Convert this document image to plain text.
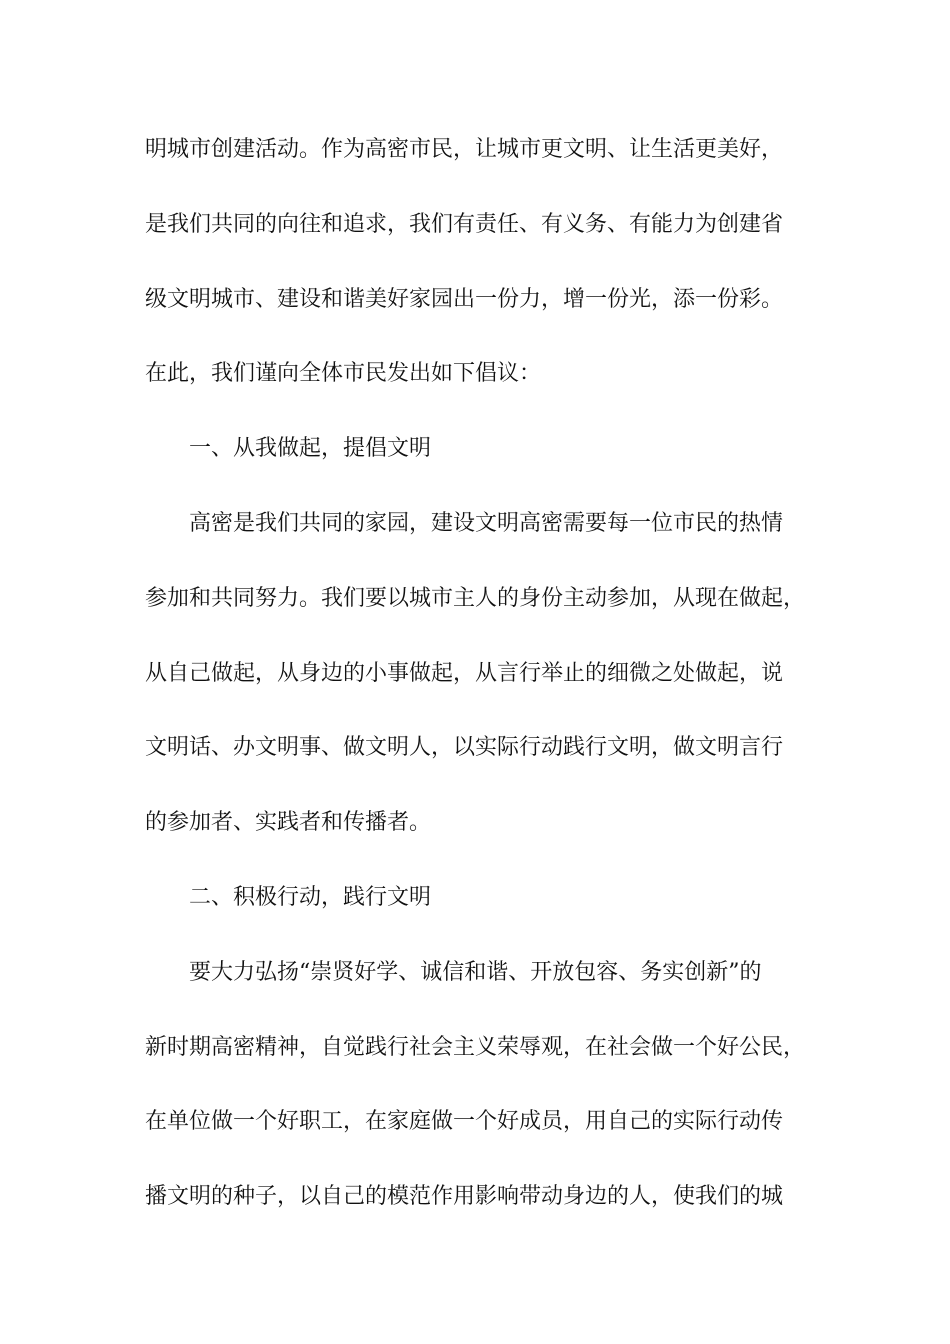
明城市创建活动。作为高密市民，让城市更文明、让生活更美好，
是我们共同的向往和追求，我们有责任、有义务、有能力为创建省
级文明城市、建设和谐美好家园出一份力，增一份光，添一份彩。
在此，我们谨向全体市民发出如下倡议：
一、从我做起，提倡文明
高密是我们共同的家园，建设文明高密需要每一位市民的热情
参加和共同努力。我们要以城市主人的身份主动参加，从现在做起，
从自己做起，从身边的小事做起，从言行举止的细微之处做起，说
文明话、办文明事、做文明人，以实际行动践行文明，做文明言行
的参加者、实践者和传播者。
二、积极行动，践行文明
要大力弘扬“崇贤好学、诚信和谐、开放包容、务实创新”的
新时期高密精神，自觉践行社会主义荣辱观，在社会做一个好公民，
在单位做一个好职工，在家庭做一个好成员，用自己的实际行动传
播文明的种子，以自己的模范作用影响带动身边的人，使我们的城
